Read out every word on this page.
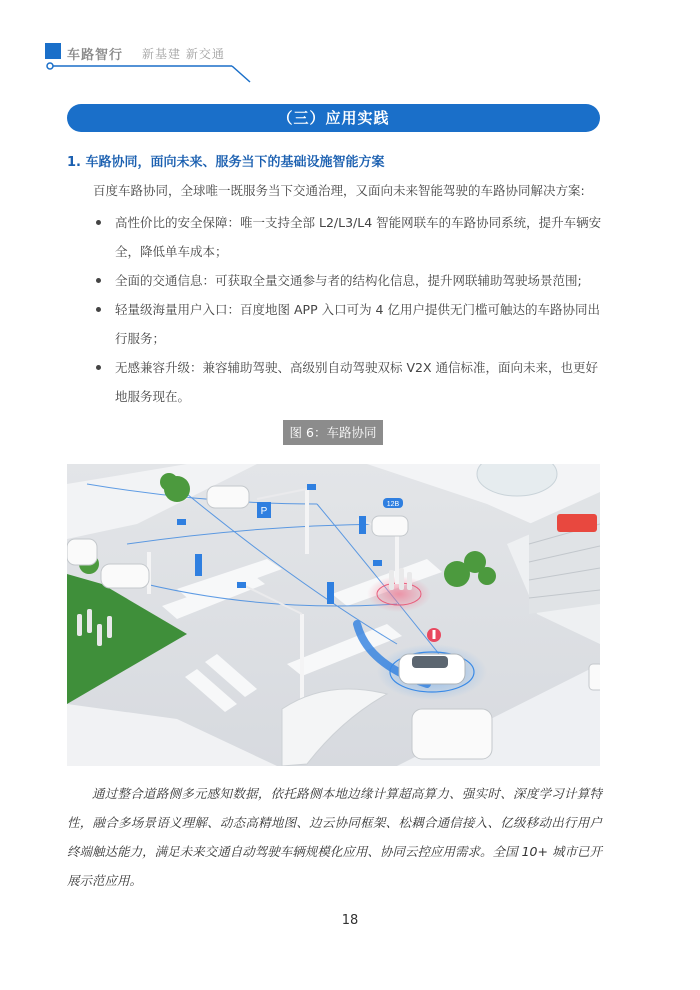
车路智行 新基建 新交通
（三）应用实践
1. 车路协同，面向未来、服务当下的基础设施智能方案
百度车路协同，全球唯一既服务当下交通治理，又面向未来智能驾驶的车路协同解决方案:
高性价比的安全保障：唯一支持全部 L2/L3/L4 智能网联车的车路协同系统，提升车辆安全，降低单车成本；
全面的交通信息：可获取全量交通参与者的结构化信息，提升网联辅助驾驶场景范围;
轻量级海量用户入口：百度地图 APP 入口可为 4 亿用户提供无门槛可触达的车路协同出行服务；
无感兼容升级：兼容辅助驾驶、高级别自动驾驶双标 V2X 通信标准，面向未来，也更好地服务现在。
图 6：车路协同
P
12B
通过整合道路侧多元感知数据，依托路侧本地边缘计算超高算力、强实时、深度学习计算特性，融合多场景语义理解、动态高精地图、边云协同框架、松耦合通信接入、亿级移动出行用户终端触达能力，满足未来交通自动驾驶车辆规模化应用、协同云控应用需求。全国 10+ 城市已开展示范应用。
18
